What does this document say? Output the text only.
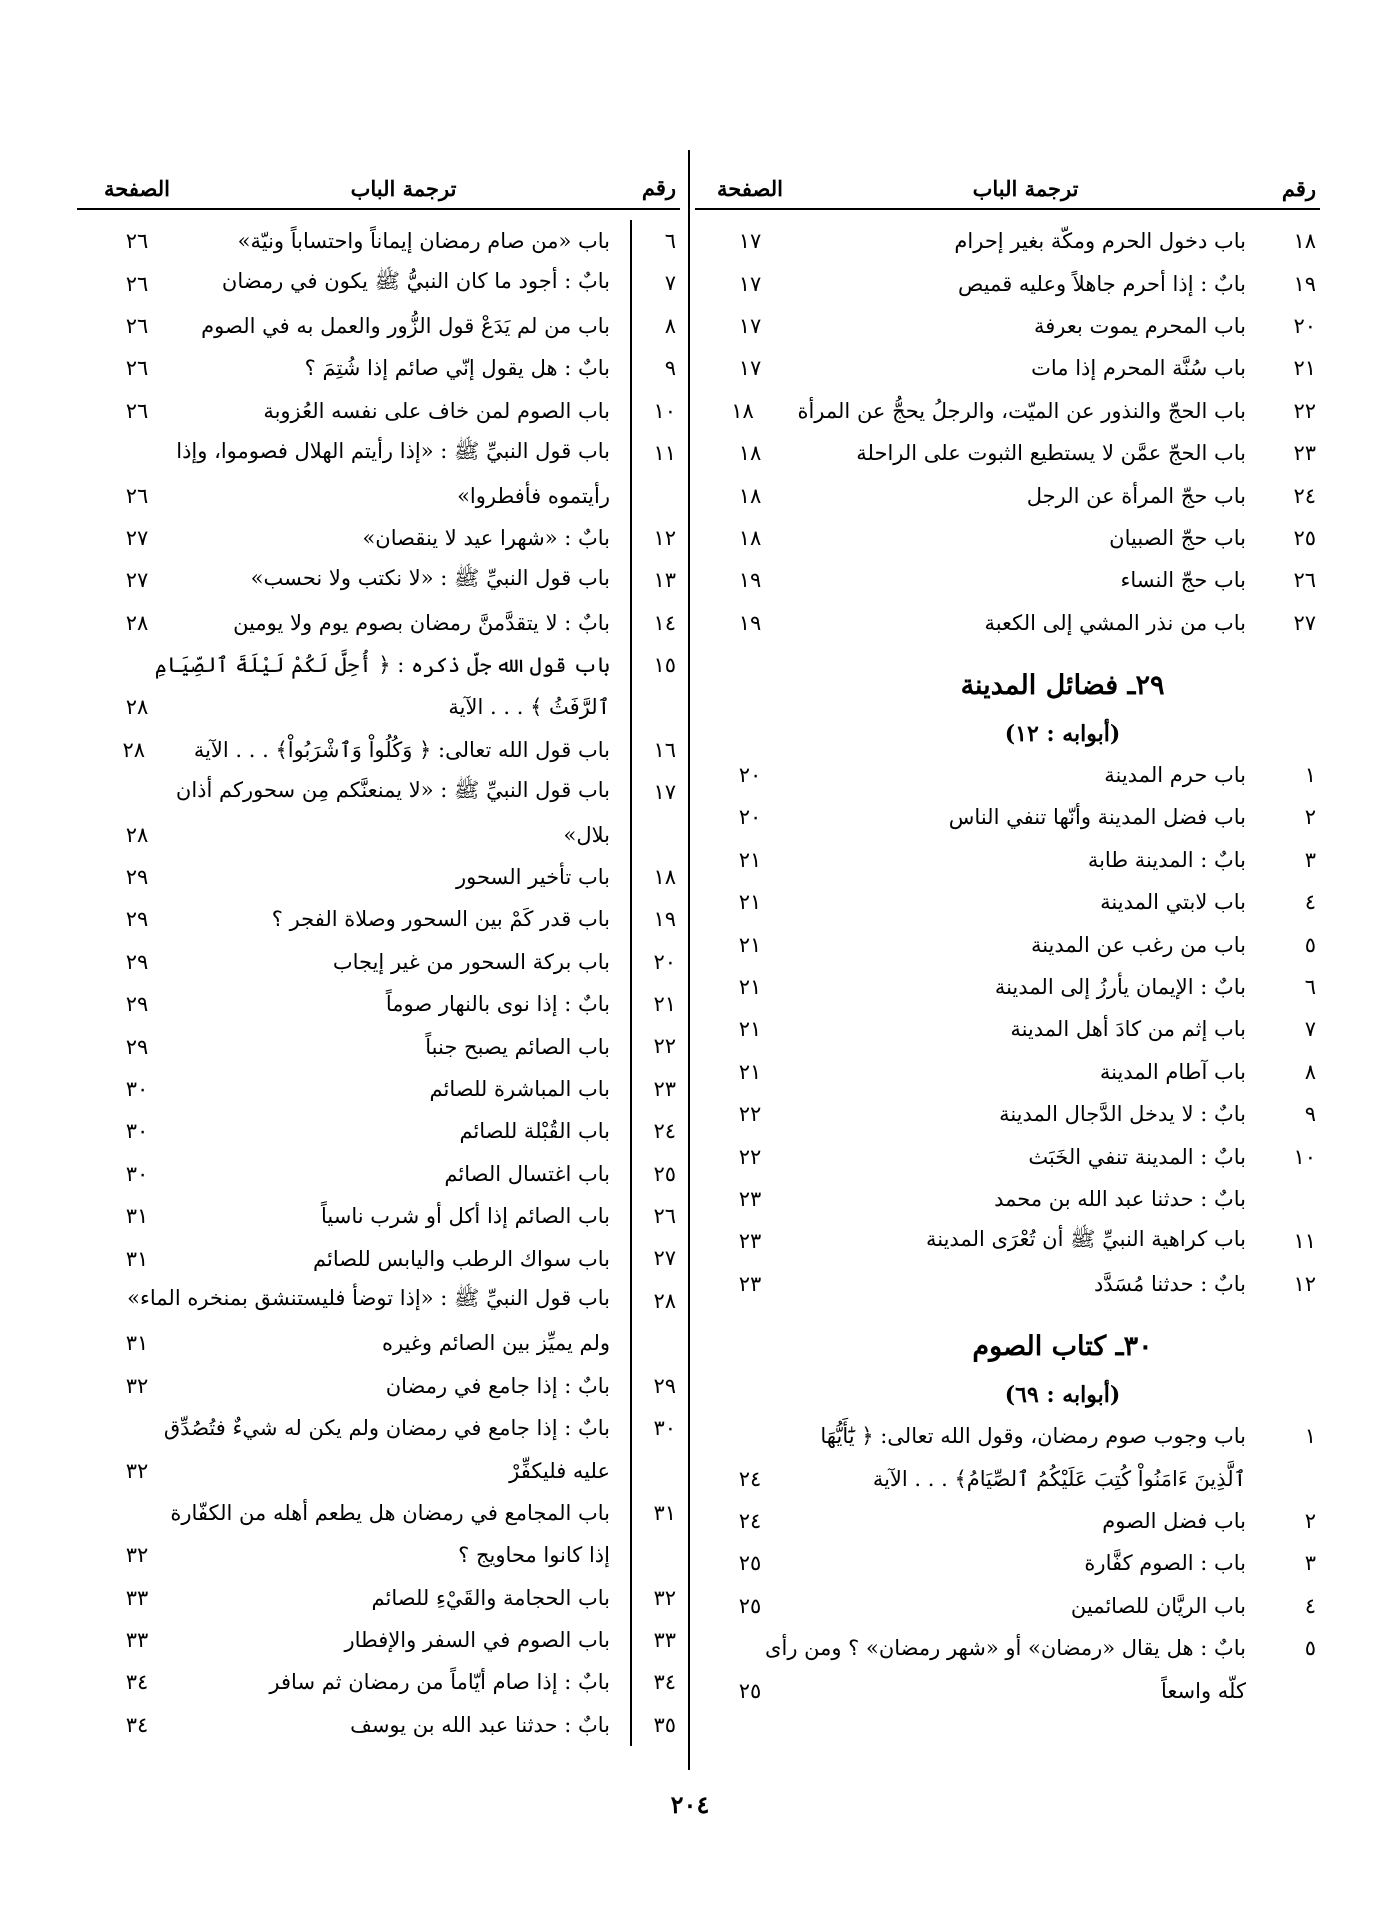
رقم
ترجمة الباب
الصفحة
١٨
باب دخول الحرم ومكّة بغير إحرام
١٧
١٩
بابٌ : إذا أحرم جاهلاً وعليه قميص
١٧
٢٠
باب المحرم يموت بعرفة
١٧
٢١
باب سُنَّة المحرم إذا مات
١٧
٢٢
باب الحجّ والنذور عن الميّت، والرجلُ يحجُّ عن المرأة
١٨
٢٣
باب الحجّ عمَّن لا يستطيع الثبوت على الراحلة
١٨
٢٤
باب حجّ المرأة عن الرجل
١٨
٢٥
باب حجّ الصبيان
١٨
٢٦
باب حجّ النساء
١٩
٢٧
باب من نذر المشي إلى الكعبة
١٩
٢٩ـ فضائل المدينة
(أبوابه : ١٢)
١
باب حرم المدينة
٢٠
٢
باب فضل المدينة وأنّها تنفي الناس
٢٠
٣
بابٌ : المدينة طابة
٢١
٤
باب لابتي المدينة
٢١
٥
باب من رغب عن المدينة
٢١
٦
بابٌ : الإيمان يأرزُ إلى المدينة
٢١
٧
باب إثم من كادَ أهل المدينة
٢١
٨
باب آطام المدينة
٢١
٩
بابٌ : لا يدخل الدَّجال المدينة
٢٢
١٠
بابٌ : المدينة تنفي الخَبَث
٢٢
بابٌ : حدثنا عبد الله بن محمد
٢٣
١١
باب كراهية النبيِّ ﷺ أن تُعْرَى المدينة
٢٣
١٢
بابٌ : حدثنا مُسَدَّد
٢٣
٣٠ـ كتاب الصوم
(أبوابه : ٦٩)
١
باب وجوب صوم رمضان، وقول الله تعالى: ﴿ يَٰٓأَيُّهَا
ٱلَّذِينَ ءَامَنُواْ كُتِبَ عَلَيْكُمُ ٱلصِّيَامُ﴾ . . . الآية
٢٤
٢
باب فضل الصوم
٢٤
٣
باب : الصوم كفَّارة
٢٥
٤
باب الريَّان للصائمين
٢٥
٥
بابٌ : هل يقال «رمضان» أو «شهر رمضان» ؟ ومن رأى
كلّه واسعاً
٢٥
رقم
ترجمة الباب
الصفحة
٦
باب «من صام رمضان إيماناً واحتساباً ونيّة»
٢٦
٧
بابٌ : أجود ما كان النبيُّ ﷺ يكون في رمضان
٢٦
٨
باب من لم يَدَعْ قول الزُّور والعمل به في الصوم
٢٦
٩
بابٌ : هل يقول إنّي صائم إذا شُتِمَ ؟
٢٦
١٠
باب الصوم لمن خاف على نفسه العُزوبة
٢٦
١١
باب قول النبيِّ ﷺ : «إذا رأيتم الهلال فصوموا، وإذا
رأيتموه فأفطروا»
٢٦
١٢
بابٌ : «شهرا عيد لا ينقصان»
٢٧
١٣
باب قول النبيِّ ﷺ : «لا نكتب ولا نحسب»
٢٧
١٤
بابٌ : لا يتقدَّمنَّ رمضان بصوم يوم ولا يومين
٢٨
١٥
باب قول الله جلّ ذكره : ﴿ أُحِلَّ لَكُمْ لَيْلَةَ ٱلصِّيَامِ
ٱلرَّفَثُ ﴾ . . . الآية
٢٨
١٦
باب قول الله تعالى: ﴿ وَكُلُواْ وَٱشْرَبُواْ﴾ . . . الآية
٢٨
١٧
باب قول النبيِّ ﷺ : «لا يمنعنَّكم مِن سحوركم أذان
بلال»
٢٨
١٨
باب تأخير السحور
٢٩
١٩
باب قدر كَمْ بين السحور وصلاة الفجر ؟
٢٩
٢٠
باب بركة السحور من غير إيجاب
٢٩
٢١
بابٌ : إذا نوى بالنهار صوماً
٢٩
٢٢
باب الصائم يصبح جنباً
٢٩
٢٣
باب المباشرة للصائم
٣٠
٢٤
باب القُبْلة للصائم
٣٠
٢٥
باب اغتسال الصائم
٣٠
٢٦
باب الصائم إذا أكل أو شرب ناسياً
٣١
٢٧
باب سواك الرطب واليابس للصائم
٣١
٢٨
باب قول النبيِّ ﷺ : «إذا توضأ فليستنشق بمنخره الماء»
ولم يميِّز بين الصائم وغيره
٣١
٢٩
بابٌ : إذا جامع في رمضان
٣٢
٣٠
بابٌ : إذا جامع في رمضان ولم يكن له شيءٌ فتُصُدِّق
عليه فليكفِّرْ
٣٢
٣١
باب المجامع في رمضان هل يطعم أهله من الكفّارة
إذا كانوا محاويج ؟
٣٢
٣٢
باب الحجامة والقَيْءِ للصائم
٣٣
٣٣
باب الصوم في السفر والإفطار
٣٣
٣٤
بابٌ : إذا صام أيّاماً من رمضان ثم سافر
٣٤
٣٥
بابٌ : حدثنا عبد الله بن يوسف
٣٤
٢٠٤
